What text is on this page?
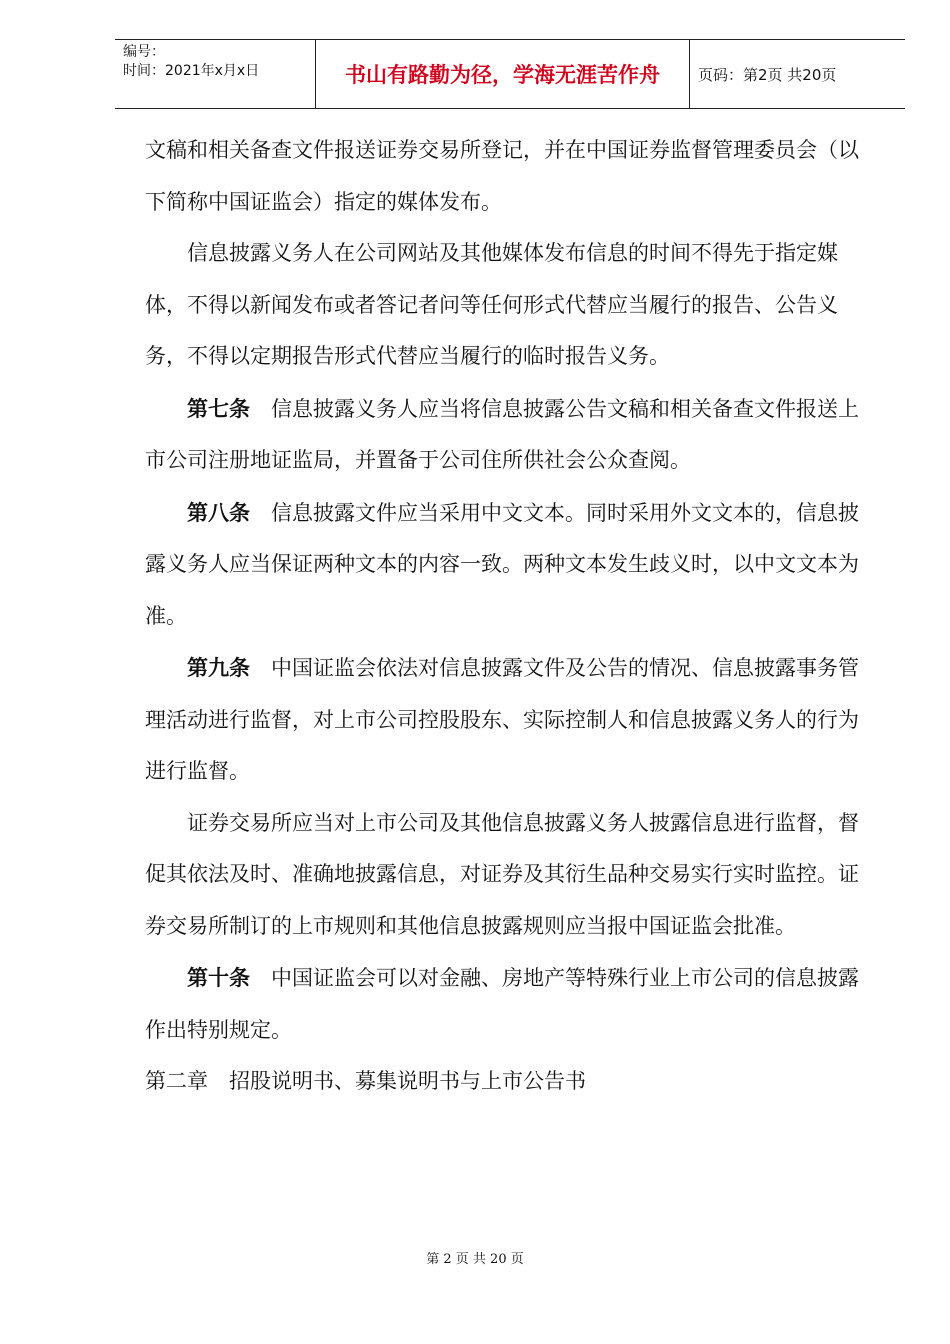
编号：
时间：2021年x月x日	书山有路勤为径，学海无涯苦作舟	页码：第2页 共20页

文稿和相关备查文件报送证券交易所登记，并在中国证券监督管理委员会（以下简称中国证监会）指定的媒体发布。

信息披露义务人在公司网站及其他媒体发布信息的时间不得先于指定媒体，不得以新闻发布或者答记者问等任何形式代替应当履行的报告、公告义务，不得以定期报告形式代替应当履行的临时报告义务。

第七条　 信息披露义务人应当将信息披露公告文稿和相关备查文件报送上市公司注册地证监局，并置备于公司住所供社会公众查阅。

第八条　 信息披露文件应当采用中文文本。同时采用外文文本的，信息披露义务人应当保证两种文本的内容一致。两种文本发生歧义时，以中文文本为准。

第九条　 中国证监会依法对信息披露文件及公告的情况、信息披露事务管理活动进行监督，对上市公司控股股东、实际控制人和信息披露义务人的行为进行监督。

证券交易所应当对上市公司及其他信息披露义务人披露信息进行监督，督促其依法及时、准确地披露信息，对证券及其衍生品种交易实行实时监控。证券交易所制订的上市规则和其他信息披露规则应当报中国证监会批准。

第十条　 中国证监会可以对金融、房地产等特殊行业上市公司的信息披露作出特别规定。

第二章　招股说明书、募集说明书与上市公告书

第 2 页 共 20 页
